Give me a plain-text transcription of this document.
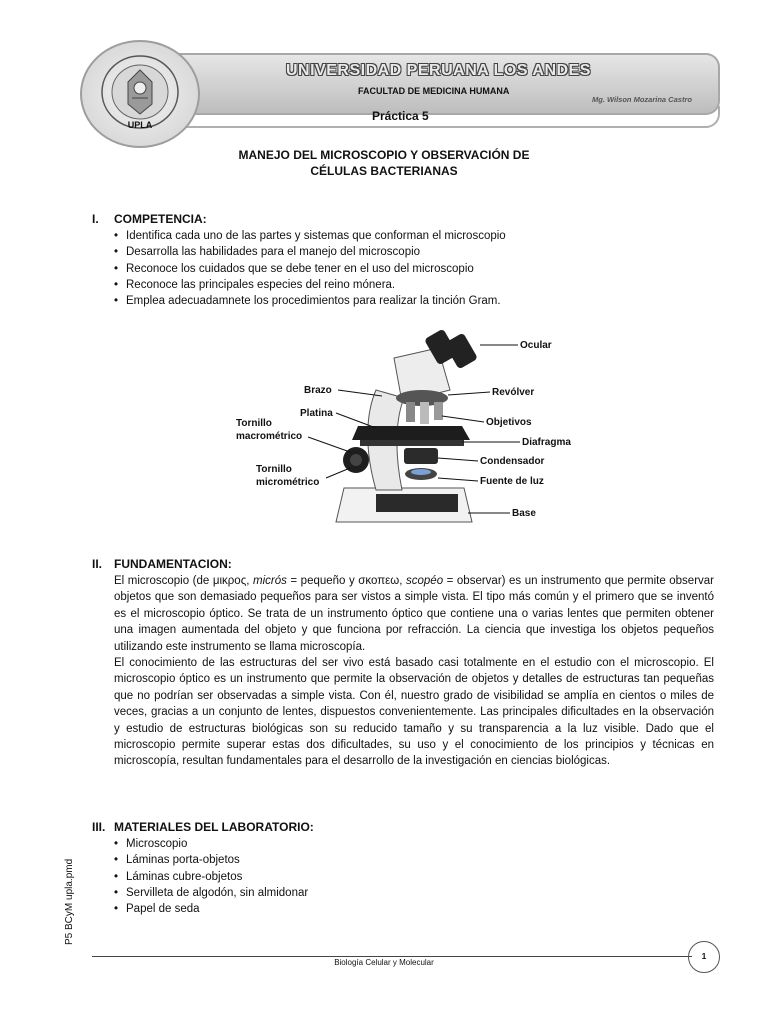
UPLA
UNIVERSIDAD PERUANA LOS ANDES
FACULTAD DE MEDICINA HUMANA
Mg. Wilson Mozarina Castro
Práctica 5
MANEJO DEL MICROSCOPIO Y OBSERVACIÓN DE
CÉLULAS BACTERIANAS
I. COMPETENCIA:
• Identifica cada uno de las partes y sistemas que conforman el microscopio
• Desarrolla las habilidades para el manejo del microscopio
• Reconoce los cuidados que se debe tener en el uso del microscopio
• Reconoce las principales especies del reino mónera.
• Emplea adecuadamnete los procedimientos para realizar la tinción Gram.
Ocular
Brazo	Revólver
Platina
Objetivos
Tornillo
macrométrico
Diafragma
Condensador
Tornillo
micrométrico	Fuente de luz
Base
II. FUNDAMENTACION:

El microscopio (de μικρος, micrós = pequeño y σκοπεω, scopéo = observar) es un instrumento que permite observar objetos que son demasiado pequeños para ser vistos a simple vista. El tipo más común y el primero que se inventó es el microscopio óptico. Se trata de un instrumento óptico que contiene una o varias lentes que permiten obtener una imagen aumentada del objeto y que funciona por refracción. La ciencia que investiga los objetos pequeños utilizando este instrumento se llama microscopía.

El conocimiento de las estructuras del ser vivo está basado casi totalmente en el estudio con el microscopio. El microscopio óptico es un instrumento que permite la observación de objetos y detalles de estructuras tan pequeñas que no podrían ser observadas a simple vista. Con él, nuestro grado de visibilidad se amplía en cientos o miles de veces, gracias a un conjunto de lentes, dispuestos convenientemente. Las principales dificultades en la observación y estudio de estructuras biológicas son su reducido tamaño y su transparencia a la luz visible. Dado que el microscopio permite superar estas dos dificultades, su uso y el conocimiento de los principios y técnicas en microscopía, resultan fundamentales para el desarrollo de la investigación en ciencias biológicas.

III. MATERIALES DEL LABORATORIO:
• Microscopio
• Láminas porta-objetos
• Láminas cubre-objetos
• Servilleta de algodón, sin almidonar
• Papel de seda
P5 BCyM upla.pmd
Biología Celular y Molecular
1
